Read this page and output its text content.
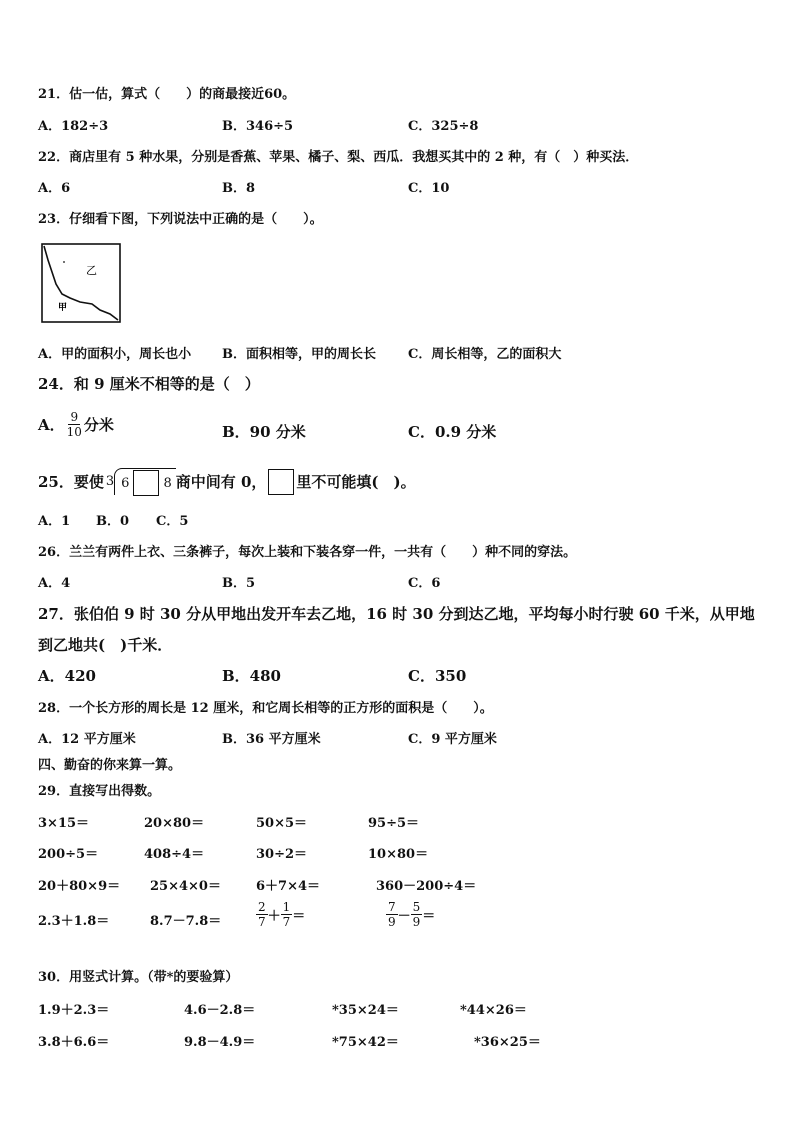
21．估一估，算式（　　）的商最接近60。
A．182÷3	B．346÷5	C．325÷8
22．商店里有 5 种水果，分别是香蕉、苹果、橘子、梨、西瓜．我想买其中的 2 种，有（　）种买法．
A．6	B．8	C．10
23．仔细看下图，下列说法中正确的是（　　）。
乙
甲
A．甲的面积小，周长也小 B．面积相等，甲的周长长 C．周长相等，乙的面积大
24．和 9 厘米不相等的是（　）
A． $\frac{9}{10}$ 分米	B．90 分米	C．0.9 分米
25．要使 3 6	8 商中间有 0， 里不可能填(　)。
A．1 B．0 C．5
26．兰兰有两件上衣、三条裤子，每次上装和下装各穿一件，一共有（　　）种不同的穿法。
A．4	B．5	C．6
27．张伯伯 9 时 30 分从甲地出发开车去乙地，16 时 30 分到达乙地，平均每小时行驶 60 千米，从甲地
到乙地共(　)千米．
A．420	B．480	C．350
28．一个长方形的周长是 12 厘米，和它周长相等的正方形的面积是（　　）。
A．12 平方厘米	B．36 平方厘米	C．9 平方厘米
四、勤奋的你来算一算。
29．直接写出得数。
3×15＝	20×80＝	50×5＝	95÷5＝
200÷5＝	408÷4＝	30÷2＝	10×80＝
20＋80×9＝ 25×4×0＝	6＋7×4＝	360－200÷4＝
2.3＋1.8＝	8.7－7.8＝	$\frac{2}{7} + \frac{1}{7}$ ＝	$\frac{7}{9} - \frac{5}{9}$ ＝
30．用竖式计算。（带*的要验算）
1.9＋2.3＝	4.6－2.8＝	*35×24＝	*44×26＝
3.8＋6.6＝	9.8－4.9＝	*75×42＝	*36×25＝
